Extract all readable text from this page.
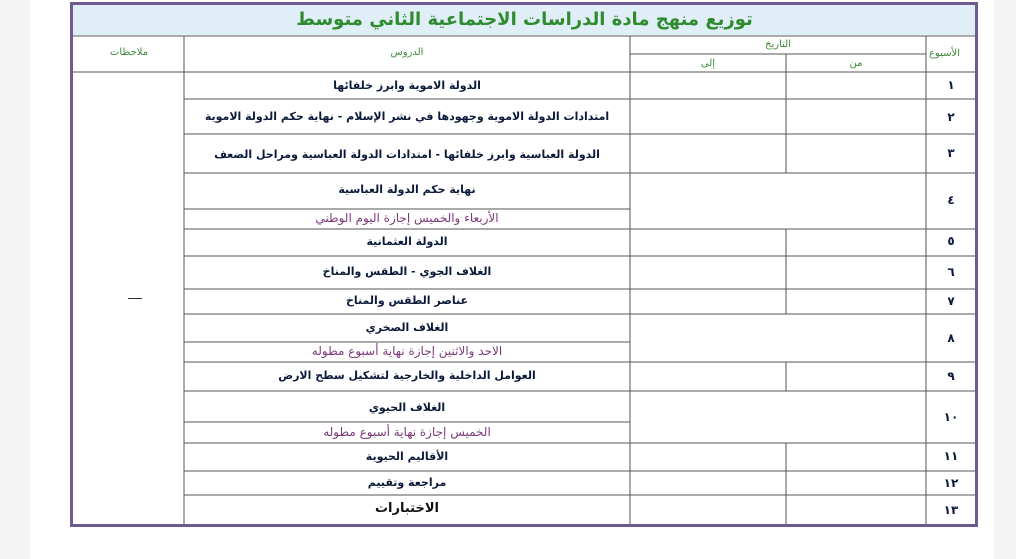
توزيع منهج مادة الدراسات الاجتماعية الثاني متوسط
الأسبوع
التاريخ
من
إلى
الدروس
ملاحظات
١
٢
٣
٤
٥
٦
٧
٨
٩
١٠
١١
١٢
١٣
الدولة الاموية وابرز خلفائها
امتدادات الدولة الاموية وجهودها في نشر الإسلام - نهاية حكم الدولة الاموية
الدولة العباسية وابرز خلفائها - امتدادات الدولة العباسية ومراحل الضعف
نهاية حكم الدولة العباسية
الأربعاء والخميس إجازة اليوم الوطني
الدولة العثمانية
الغلاف الجوي - الطقس والمناخ
عناصر الطقس والمناخ
الغلاف الصخري
الاحد والاثنين إجازة نهاية أسبوع مطوله
العوامل الداخلية والخارجية لتشكيل سطح الارض
الغلاف الحيوي
الخميس إجازة نهاية أسبوع مطوله
الأقاليم الحيوية
مراجعة وتقييم
الاختبارات
